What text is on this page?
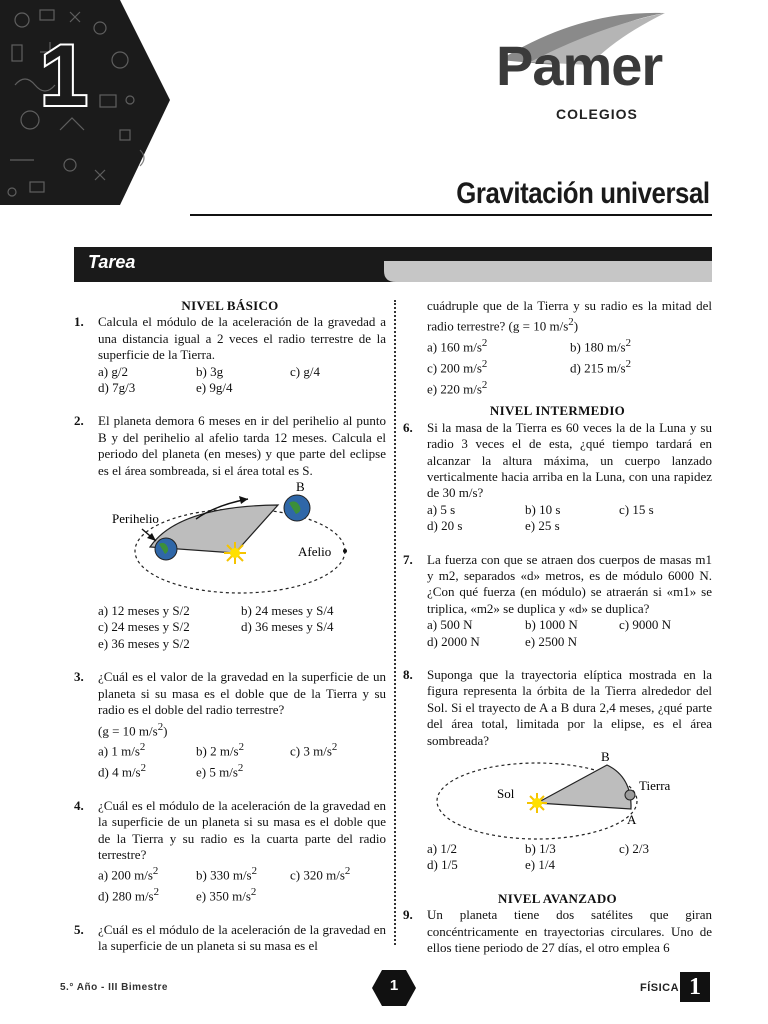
1	Pamer
COLEGIOS
Gravitación universal
Tarea
NIVEL BÁSICO
1.	Calcula el módulo de la aceleración de la gravedad a una distancia igual a 2 veces el radio terrestre de la superficie de la Tierra.
a) g/2	b) 3g	c) g/4
d) 7g/3	e) 9g/4
2.	El planeta demora 6 meses en ir del perihelio al punto B y del perihelio al afelio tarda 12 meses. Calcula el periodo del planeta (en meses) y que parte del eclipse es el área sombreada, si el área total es S.
B
Perihelio
Afelio
a) 12 meses y S/2	b) 24 meses y S/4
c) 24 meses y S/2	d) 36 meses y S/4
e) 36 meses y S/2
3.	¿Cuál es el valor de la gravedad en la superficie de un planeta si su masa es el doble que de la Tierra y su radio es el doble del radio terrestre?
(g = 10 $m/s^2$)
a) 1 $m/s^2$	b) 2 $m/s^2$	c) 3 $m/s^2$
d) 4 $m/s^2$	e) 5 $m/s^2$
4.	¿Cuál es el módulo de la aceleración de la gravedad en la superficie de un planeta si su masa es el doble que de la Tierra y su radio es la cuarta parte del radio terrestre?
a) 200 $m/s^2$	b) 330 $m/s^2$	c) 320 $m/s^2$
d) 280 $m/s^2$	e) 350 $m/s^2$
5.	¿Cuál es el módulo de la aceleración de la gravedad en la superficie de un planeta si su masa es el
cuádruple que de la Tierra y su radio es la mitad del radio terrestre? (g = 10 $m/s^2$)
a) 160 $m/s^2$	b) 180 $m/s^2$
c) 200 $m/s^2$	d) 215 $m/s^2$
e) 220 $m/s^2$
NIVEL INTERMEDIO
6.	Si la masa de la Tierra es 60 veces la de la Luna y su radio 3 veces el de esta, ¿qué tiempo tardará en alcanzar la altura máxima, un cuerpo lanzado verticalmente hacia arriba en la Luna, con una rapidez de 30 m/s?
a) 5 s	b) 10 s	c) 15 s
d) 20 s	e) 25 s
7.	La fuerza con que se atraen dos cuerpos de masas m1 y m2, separados «d» metros, es de módulo 6000 N. ¿Con qué fuerza (en módulo) se atraerán si «m1» se triplica, «m2» se duplica y «d» se duplica?
a) 500 N	b) 1000 N	c) 9000 N
d) 2000 N	e) 2500 N
8.	Suponga que la trayectoria elíptica mostrada en la figura representa la órbita de la Tierra alrededor del Sol. Si el trayecto de A a B dura 2,4 meses, ¿qué parte del área total, limitada por la elipse, es el área sombreada?
B
Sol
Tierra
A
a) 1/2	b) 1/3	c) 2/3
d) 1/5	e) 1/4
NIVEL AVANZADO
9.	Un planeta tiene dos satélites que giran concéntricamente en trayectorias circulares. Uno de ellos tiene periodo de 27 días, el otro emplea 6
5.° Año - III Bimestre	1	FÍSICA 1
